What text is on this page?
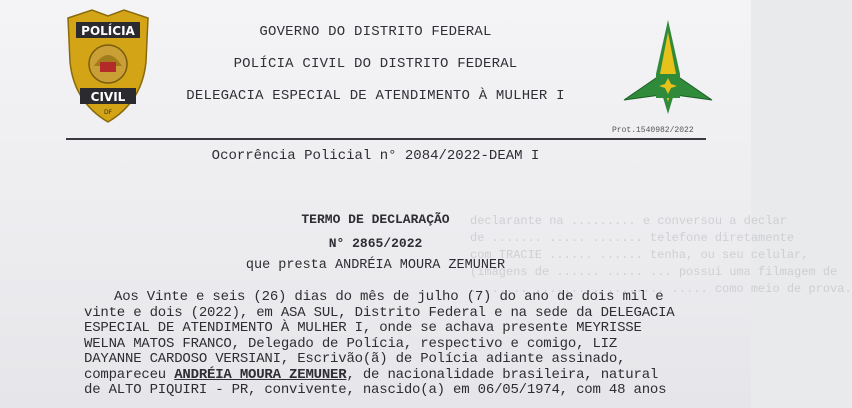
declarante na ......... e conversou a declar
de ....... ..... ....... telefone diretamente
com TRACIE ...... ...... tenha, ou seu celular,
(imagens de ...... ..... ... possui uma filmagem de
........ ......... ........ ..... como meio de prova.
POLÍCIA
CIVIL
DF
GOVERNO DO DISTRITO FEDERAL
POLÍCIA CIVIL DO DISTRITO FEDERAL
DELEGACIA ESPECIAL DE ATENDIMENTO À MULHER I
Prot.1540982/2022
Ocorrência Policial n° 2084/2022-DEAM I
TERMO DE DECLARAÇÃO
N° 2865/2022
que presta ANDRÉIA MOURA ZEMUNER
Aos Vinte e seis (26) dias do mês de julho (7) do ano de dois mil e
vinte e dois (2022), em ASA SUL, Distrito Federal e na sede da DELEGACIA
ESPECIAL DE ATENDIMENTO À MULHER I, onde se achava presente MEYRISSE
WELNA MATOS FRANCO, Delegado de Polícia, respectivo e comigo, LIZ
DAYANNE CARDOSO VERSIANI, Escrivão(ã) de Polícia adiante assinado,
compareceu ANDRÉIA MOURA ZEMUNER, de nacionalidade brasileira, natural
de ALTO PIQUIRI - PR, convivente, nascido(a) em 06/05/1974, com 48 anos
